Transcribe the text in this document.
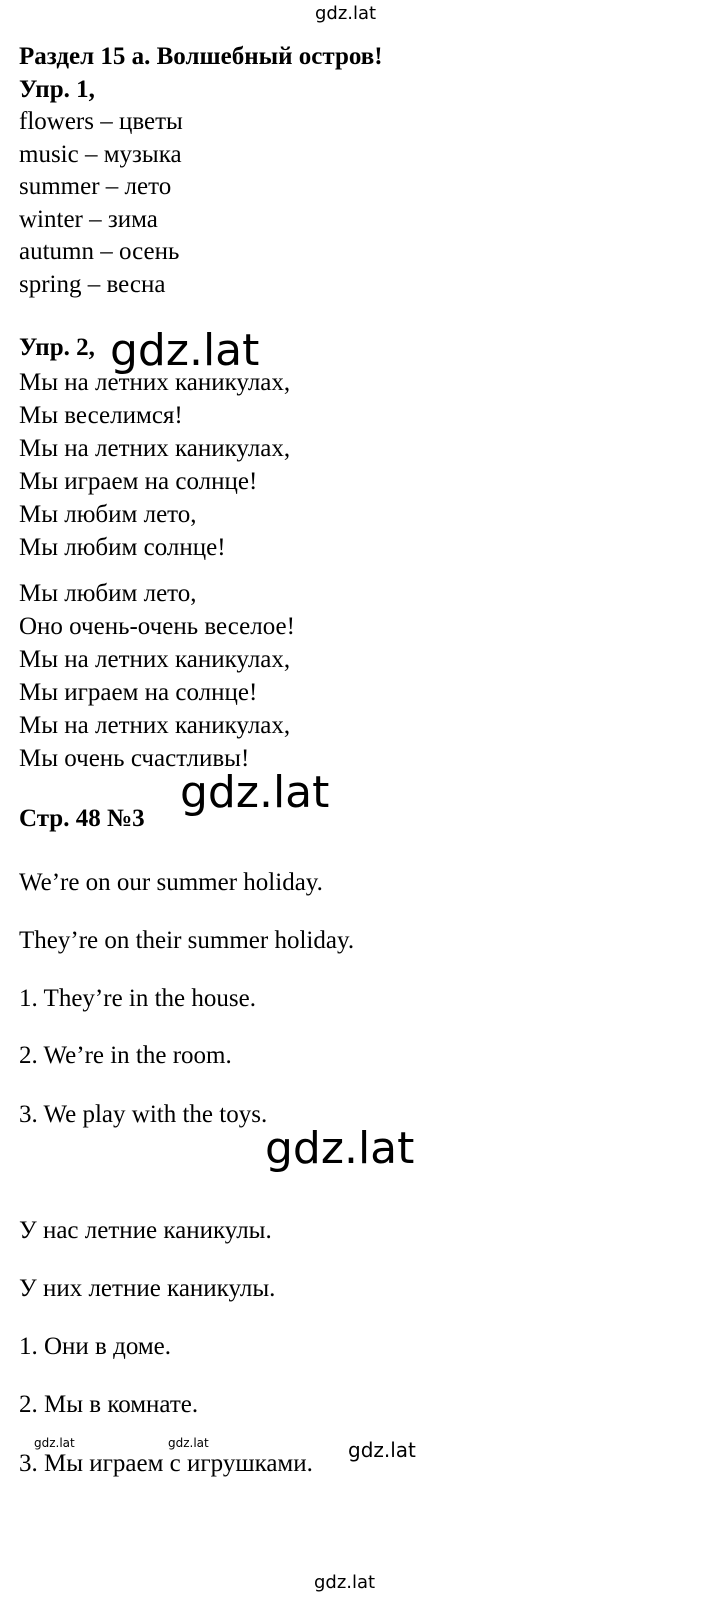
gdz.lat
Раздел 15 а. Волшебный остров!
Упр. 1,
flowers – цветы
music – музыка
summer – лето
winter – зима
autumn – осень
spring – весна
Упр. 2, gdz.lat
Мы на летних каникулах,
Мы веселимся!
Мы на летних каникулах,
Мы играем на солнце!
Мы любим лето,
Мы любим солнце!
Мы любим лето,
Оно очень-очень веселое!
Мы на летних каникулах,
Мы играем на солнце!
Мы на летних каникулах,
Мы очень счастливы!
gdz.lat
Стр. 48 №3
We’re on our summer holiday.
They’re on their summer holiday.
1. They’re in the house.
2. We’re in the room.
3. We play with the toys.
gdz.lat
У нас летние каникулы.
У них летние каникулы.
1. Они в доме.
2. Мы в комнате.
3. Мы играем с игрушками.
gdz.lat	gdz.lat	gdz.lat
gdz.lat
